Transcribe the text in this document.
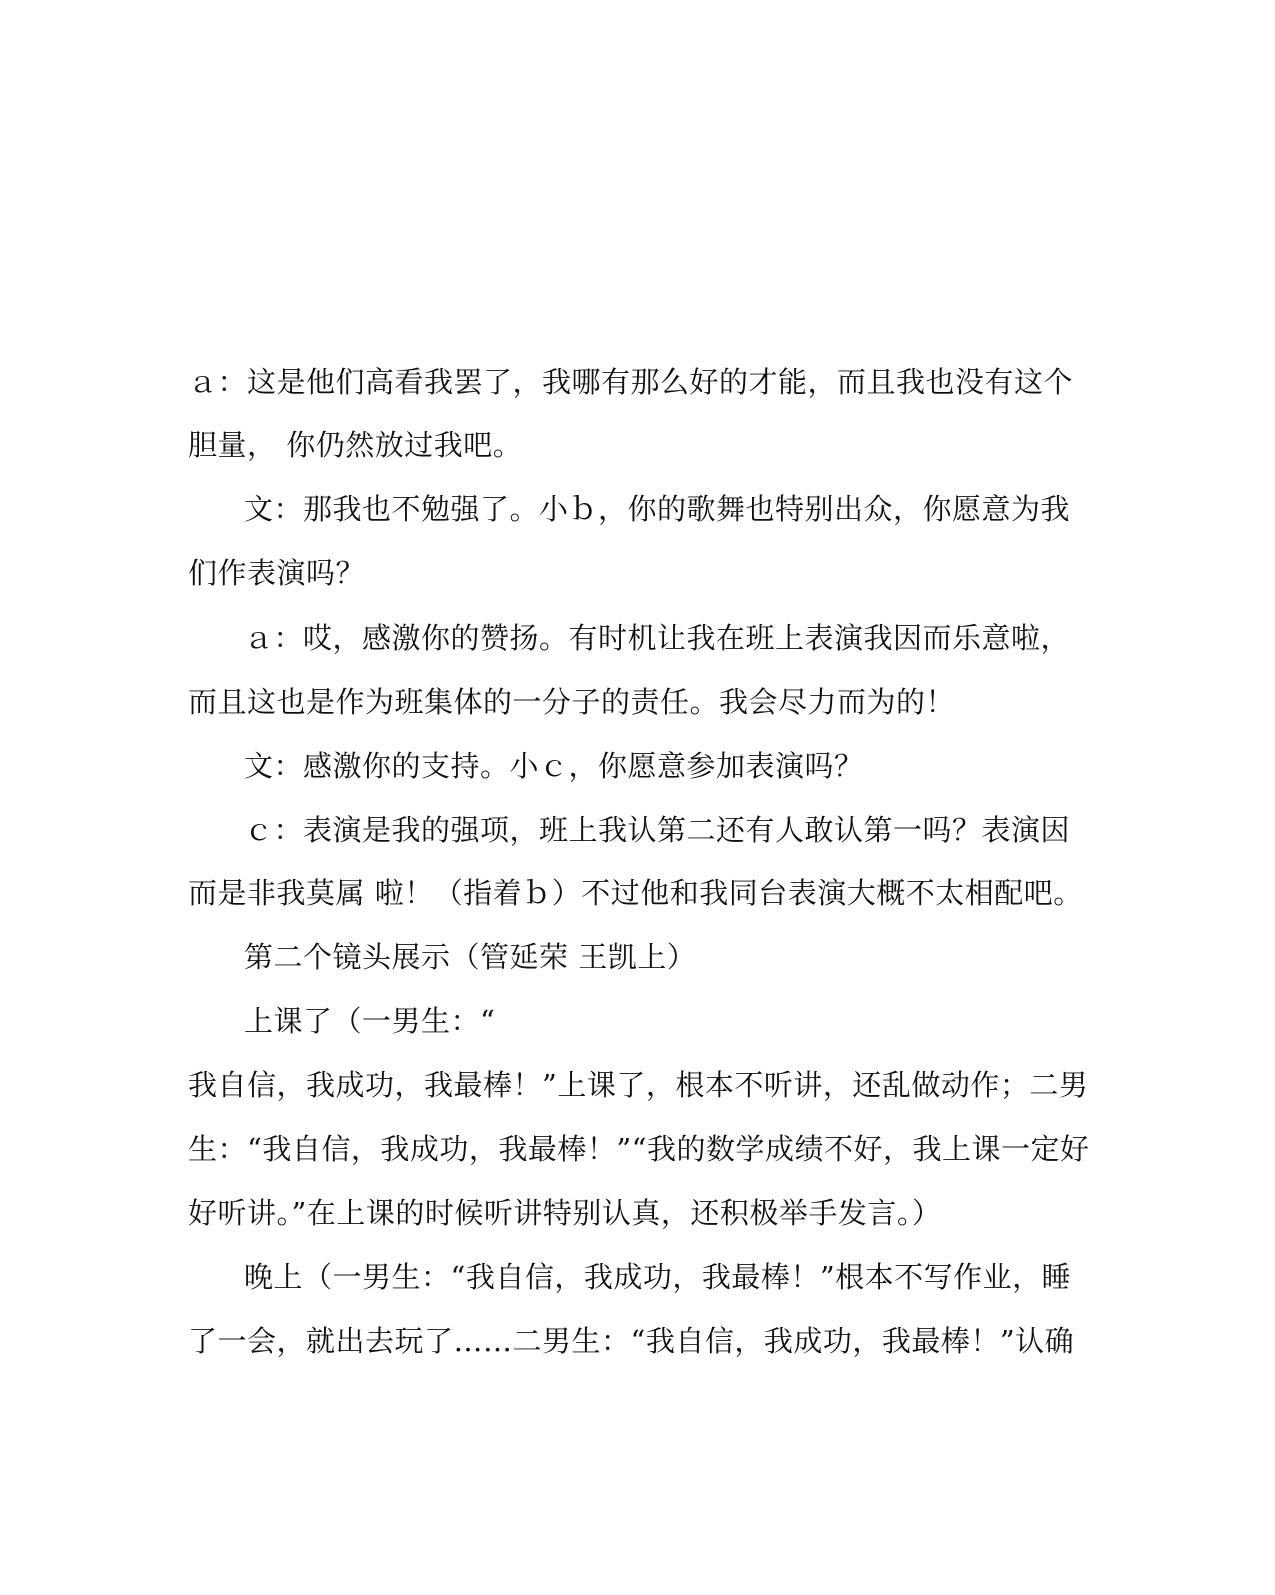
ａ：这是他们高看我罢了，我哪有那么好的才能，而且我也没有这个
胆量， 你仍然放过我吧。
文：那我也不勉强了。小ｂ，你的歌舞也特别出众，你愿意为我
们作表演吗？
ａ：哎，感激你的赞扬。有时机让我在班上表演我因而乐意啦，
而且这也是作为班集体的一分子的责任。我会尽力而为的！
文：感激你的支持。小ｃ，你愿意参加表演吗？
ｃ：表演是我的强项，班上我认第二还有人敢认第一吗？表演因
而是非我莫属 啦！（指着ｂ）不过他和我同台表演大概不太相配吧。
第二个镜头展示（管延荣 王凯上）
上课了（一男生：“
我自信，我成功，我最棒！”上课了，根本不听讲，还乱做动作；二男
生：“我自信，我成功，我最棒！”“我的数学成绩不好，我上课一定好
好听讲。”在上课的时候听讲特别认真，还积极举手发言。）
晚上（一男生：“我自信，我成功，我最棒！”根本不写作业，睡
了一会，就出去玩了……二男生：“我自信，我成功，我最棒！”认确
